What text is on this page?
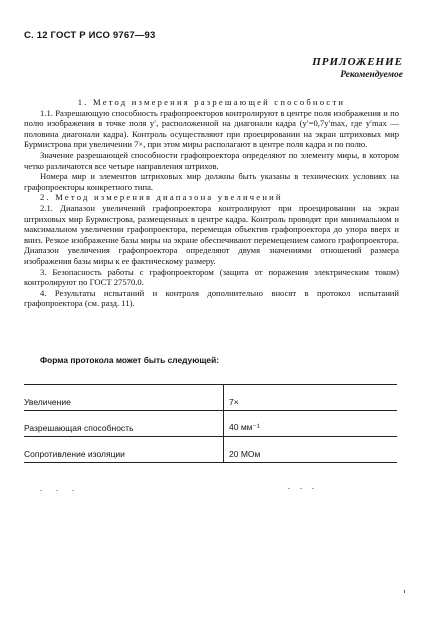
С. 12 ГОСТ Р ИСО 9767—93
ПРИЛОЖЕНИЕ
Рекомендуемое

1. Метод измерения разрешающей способности

1.1. Разрешающую способность графопроекторов контролируют в центре поля изображения и по полю изображения в точке поля y′, расположенной на диагонали кадра (y′=0,7y′max, где y′max — половина диагонали кадра). Контроль осуществляют при проецировании на экран штриховых мир Бурмистрова при увеличении 7×, при этом миры располагают в центре поля кадра и по полю.

Значение разрешающей способности графопроектора определяют по элементу миры, в котором четко различаются все четыре направления штрихов.

Номера мир и элементов штриховых мир должны быть указаны в технических условиях на графопроекторы конкретного типа.

2. Метод измерения диапазона увеличений

2.1. Диапазон увеличений графопроектора контролируют при проецировании на экран штриховых мир Бурмистрова, размещенных в центре кадра. Контроль проводят при минимальном и максимальном увеличении графопроектора, перемещая объектив графопроектора до упора вверх и вниз. Резкое изображение базы миры на экране обеспечивают перемещением самого графопроектора. Диапазон увеличения графопроектора определяют двумя значениями отношений размера изображения базы миры к ее фактическому размеру.

3. Безопасность работы с графопроектором (защита от поражения электрическим током) контролируют по ГОСТ 27570.0.

4. Результаты испытаний и контроля дополнительно вносят в протокол испытаний графопроектора (см. разд. 11).

Форма протокола может быть следующей:
Увеличение	7×
Разрешающая способность	40 мм⁻¹
Сопротивление изоляции	20 МОм
. . .	. . .
